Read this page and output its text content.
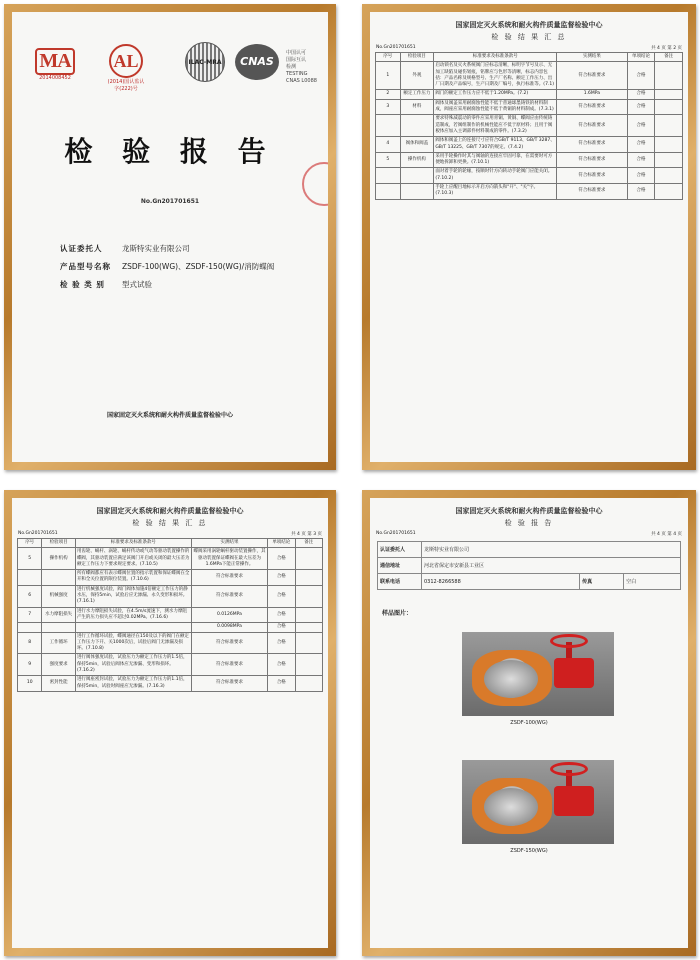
MA
2014008452
AL
(2014)国认监认字(222)号
ILAC-MRA	CNAS
中国认可
国际互认
检测
TESTING
CNAS L0088
检 验 报 告
No.Gn201701651
认证委托人	龙斯特实业有限公司
产品型号名称	ZSDF-100(WG)、ZSDF-150(WG)/消防蝶阀
检 验 类 别	型式试验
国家固定灭火系统和耐火构件质量监督检验中心
国家固定灭火系统和耐火构件质量监督检验中心
检 验 结 果 汇 总
No.Gn201701651	共 4 页 第 2 页
序号	检验项目	标准要求及标准条款号	实测结果	单项结论	备注
1	外观	启动锁名及灭火系统阀门应标志清晰，标明字节号及示、无加工缺陷及碰伤划痕，铭牌应与色形等清晰，标志内容包括：产品名称及规格型号、生产厂名称、额定工作压力、出厂日期及产品编号，生产日期及厂编号，执行标准等。(7.1)	符合标准要求	合格	
2	额定工作压力	阀门的额定工作压力应不低于1.20MPa。(7.2)	1.6MPa	合格	
3	材料	阀体及阀盖采用耐腐蚀性能不低于普通球墨铸铁的材料制成，阀座应采用耐腐蚀性能不低于黄铜的材料制成。(7.3.1)	符合标准要求	合格	
		要求特殊减震动的零件应采用青铜、黄铜、蝶阀应由传统铸造制成，若阀组制作的机械性能应不低于原材料；且用于阀板体应加入主调部件材料制成的零件。(7.3.2)	符合标准要求	合格	
4	阀体和阀盖	阀体和阀盖上的连接尺寸应符合GB/T 9113、GB/T 3287、GB/T 13225、GB/T 7307的规定。(7.4.2)	符合标准要求	合格	
5	操作机构	采用手轮操作时其与阀轴的连接应牢固可靠，在需要时可方便地拆卸和更换。(7.10.1)	符合标准要求	合格	
		面对着手轮的轮缘，按顺时针方向转动手轮阀门应能关闭。(7.10.2)	符合标准要求	合格	
		手轮上应醒目地标示开启方向箭头和"开"、"关"字。(7.10.3)	符合标准要求	合格	
国家固定灭火系统和耐火构件质量监督检验中心
检 验 结 果 汇 总
No.Gn201701651	共 4 页 第 3 页
序号	检验项目	标准要求及标准条款号	实测结果	单项结论	备注
5	操作机构	用齿轮、蜗杆、涡轮、蜗杆传动或气动等驱动装置操作的蝶阀，其驱动装置应满足该阀门开启或关闭的最大压差为额定工作压力下要求规定要求。(7.10.5)	蝶阀采用涡轮蜗杆驱动装置操作，其驱动装置保证蝶阀在最大压差为1.6MPa下能正常操作。	合格	
		所有蝶阀都应有表示蝶阀位置的指示装置和保证蝶阀在全开和全关位置的限位装置。(7.10.6)	符合标准要求	合格	
6	机械强度	进行机械强度试验，阀门阀体加施4倍额定工作压力的静水压，保持5min，试验后应无渗漏、永久变形和损坏。(7.16.1)	符合标准要求	合格	
7	水力摩阻损失	进行水力摩阻损失试验，在4.5m/s流速下，测水力摩阻产生的压力损失应不超过0.02MPa。(7.16.6)	0.0126MPa	合格	
			0.0098MPa	合格	
8	工作循环	进行工作循环试验，蝶阀通径在150及以下的阀门在额定工作压力下开、关1000次后，试验后阀门无渗漏及损坏。(7.10.8)	符合标准要求	合格	
9	强度要求	进行阀体强度试验，试验压力为额定工作压力的1.5倍，保持5min，试验后阀体应无渗漏、变形和损坏。(7.16.2)	符合标准要求	合格	
10	密封性能	进行阀座密封试验，试验压力为额定工作压力的1.1倍，保持5min，试验时阀座应无渗漏。(7.16.3)	符合标准要求	合格	
国家固定灭火系统和耐火构件质量监督检验中心
检 验 报 告
No.Gn201701651	共 4 页 第 4 页
认证委托人	龙斯特实业有限公司		
通信地址	河北省保定市安新县工业区		
联系电话	0312-8266588	传真	空白
样品图片：
ZSDF-100(WG)
ZSDF-150(WG)
